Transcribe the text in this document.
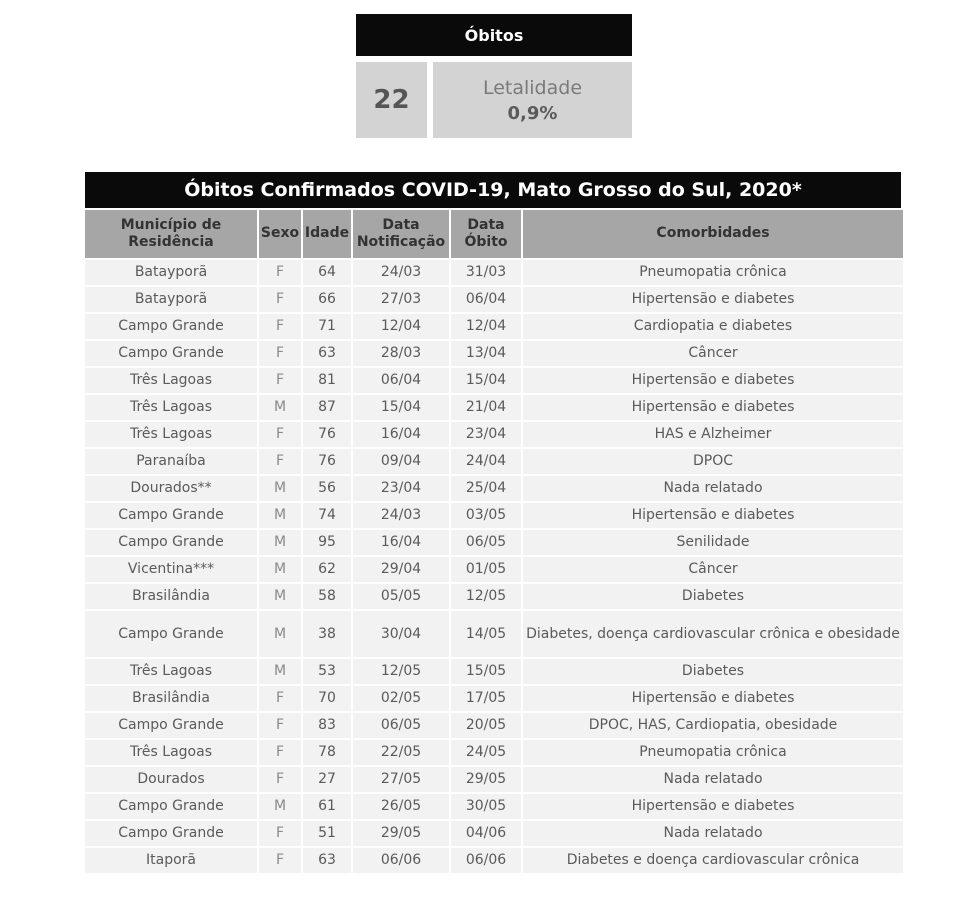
Óbitos
22	Letalidade
0,9%
Óbitos Confirmados COVID-19, Mato Grosso do Sul, 2020*
Município de Residência	Sexo	Idade	Data Notificação	Data Óbito	Comorbidades
Batayporã	F	64	24/03	31/03	Pneumopatia crônica
Batayporã	F	66	27/03	06/04	Hipertensão e diabetes
Campo Grande	F	71	12/04	12/04	Cardiopatia e diabetes
Campo Grande	F	63	28/03	13/04	Câncer
Três Lagoas	F	81	06/04	15/04	Hipertensão e diabetes
Três Lagoas	M	87	15/04	21/04	Hipertensão e diabetes
Três Lagoas	F	76	16/04	23/04	HAS e Alzheimer
Paranaíba	F	76	09/04	24/04	DPOC
Dourados**	M	56	23/04	25/04	Nada relatado
Campo Grande	M	74	24/03	03/05	Hipertensão e diabetes
Campo Grande	M	95	16/04	06/05	Senilidade
Vicentina***	M	62	29/04	01/05	Câncer
Brasilândia	M	58	05/05	12/05	Diabetes
Campo Grande	M	38	30/04	14/05	Diabetes, doença cardiovascular crônica e obesidade
Três Lagoas	M	53	12/05	15/05	Diabetes
Brasilândia	F	70	02/05	17/05	Hipertensão e diabetes
Campo Grande	F	83	06/05	20/05	DPOC, HAS, Cardiopatia, obesidade
Três Lagoas	F	78	22/05	24/05	Pneumopatia crônica
Dourados	F	27	27/05	29/05	Nada relatado
Campo Grande	M	61	26/05	30/05	Hipertensão e diabetes
Campo Grande	F	51	29/05	04/06	Nada relatado
Itaporã	F	63	06/06	06/06	Diabetes e doença cardiovascular crônica
